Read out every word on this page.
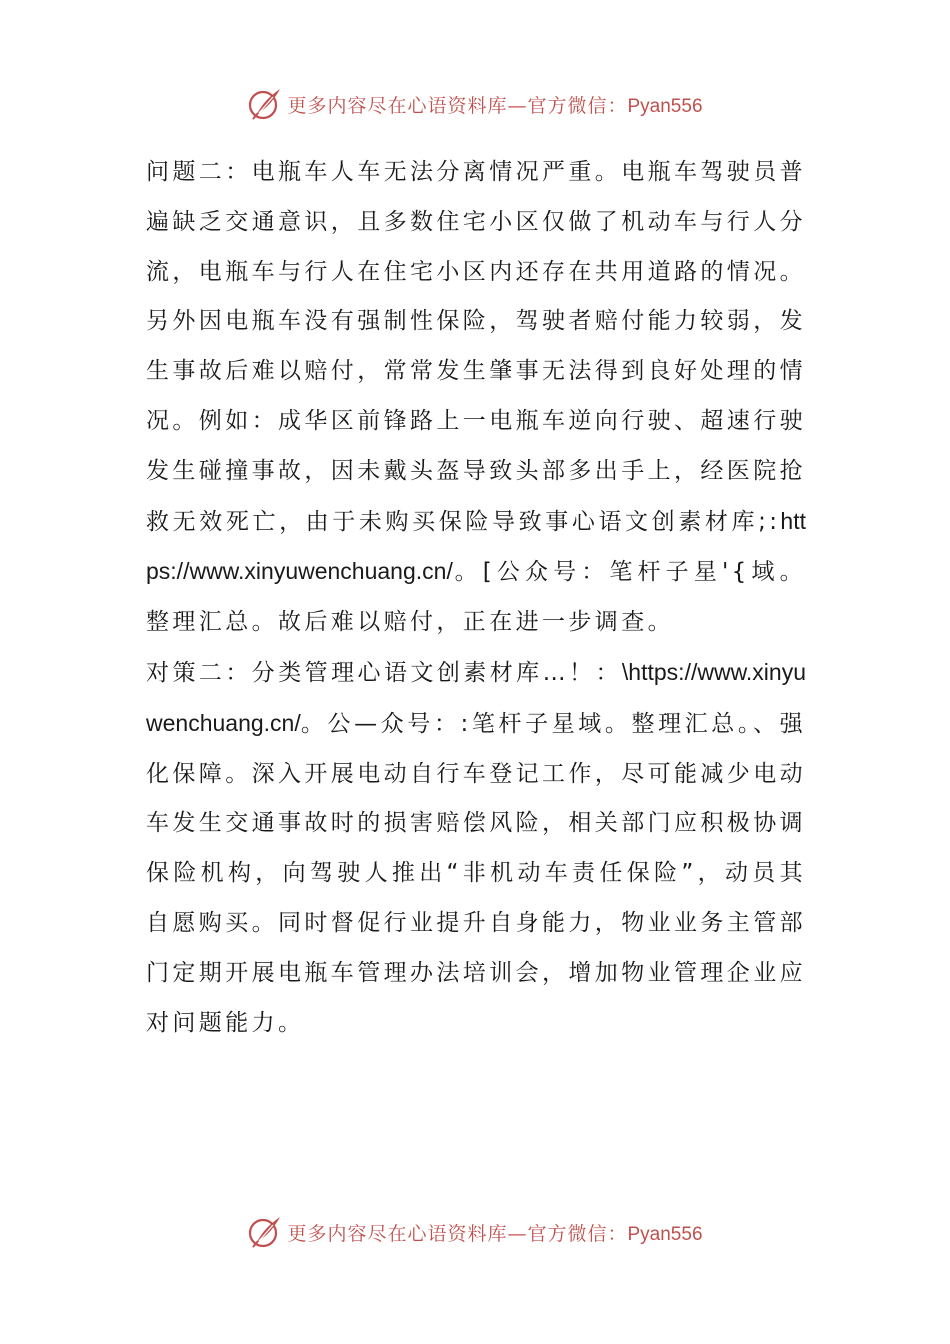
更多内容尽在心语资料库—官方微信：Pyan556

问题二：电瓶车人车无法分离情况严重。电瓶车驾驶员普遍缺乏交通意识，且多数住宅小区仅做了机动车与行人分流，电瓶车与行人在住宅小区内还存在共用道路的情况。另外因电瓶车没有强制性保险，驾驶者赔付能力较弱，发生事故后难以赔付，常常发生肇事无法得到良好处理的情况。例如：成华区前锋路上一电瓶车逆向行驶、超速行驶发生碰撞事故，因未戴头盔导致头部多出手上，经医院抢救无效死亡，由于未购买保险导致事心语文创素材库;:https://www.xinyuwenchuang.cn/。[公众号：笔杆子星'{域。整理汇总。故后难以赔付，正在进一步调查。

对策二：分类管理心语文创素材库…！：\https://www.xinyuwenchuang.cn/。公—众号：:笔杆子星域。整理汇总。、强化保障。深入开展电动自行车登记工作，尽可能减少电动车发生交通事故时的损害赔偿风险，相关部门应积极协调保险机构，向驾驶人推出“非机动车责任保险”，动员其自愿购买。同时督促行业提升自身能力，物业业务主管部门定期开展电瓶车管理办法培训会，增加物业管理企业应对问题能力。

更多内容尽在心语资料库—官方微信：Pyan556
